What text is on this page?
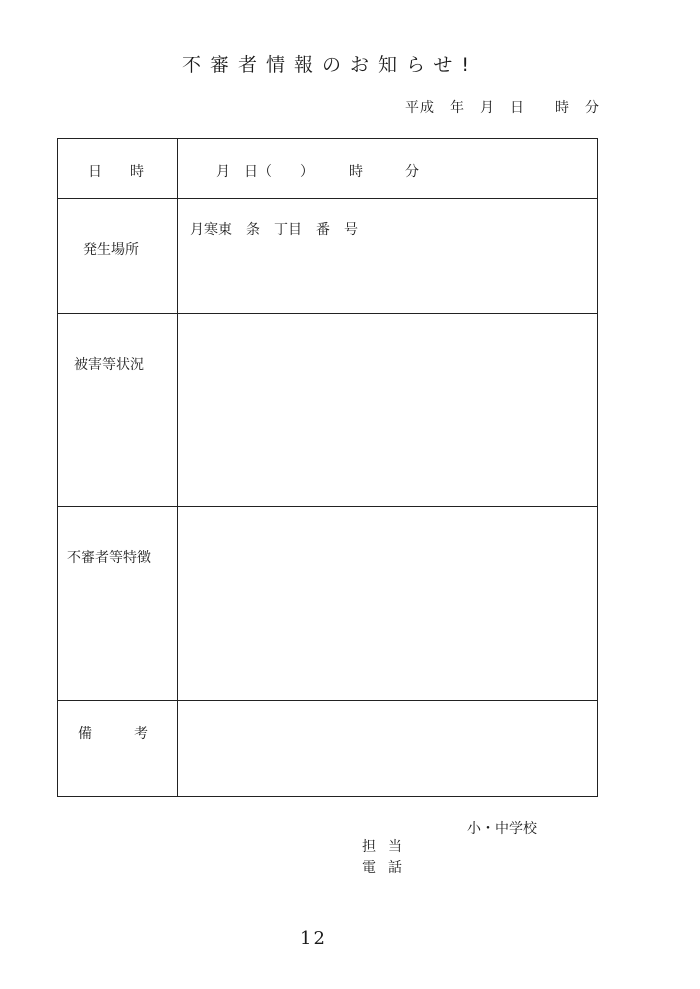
不審者情報のお知らせ!
平成　年　月　日　　時　分
日　　時	月　日（　　）　　　時　　　分
発生場所
月寒東　条　丁目　番　号
被害等状況
不審者等特徴
備　　　考
小・中学校
担当
電話
12
